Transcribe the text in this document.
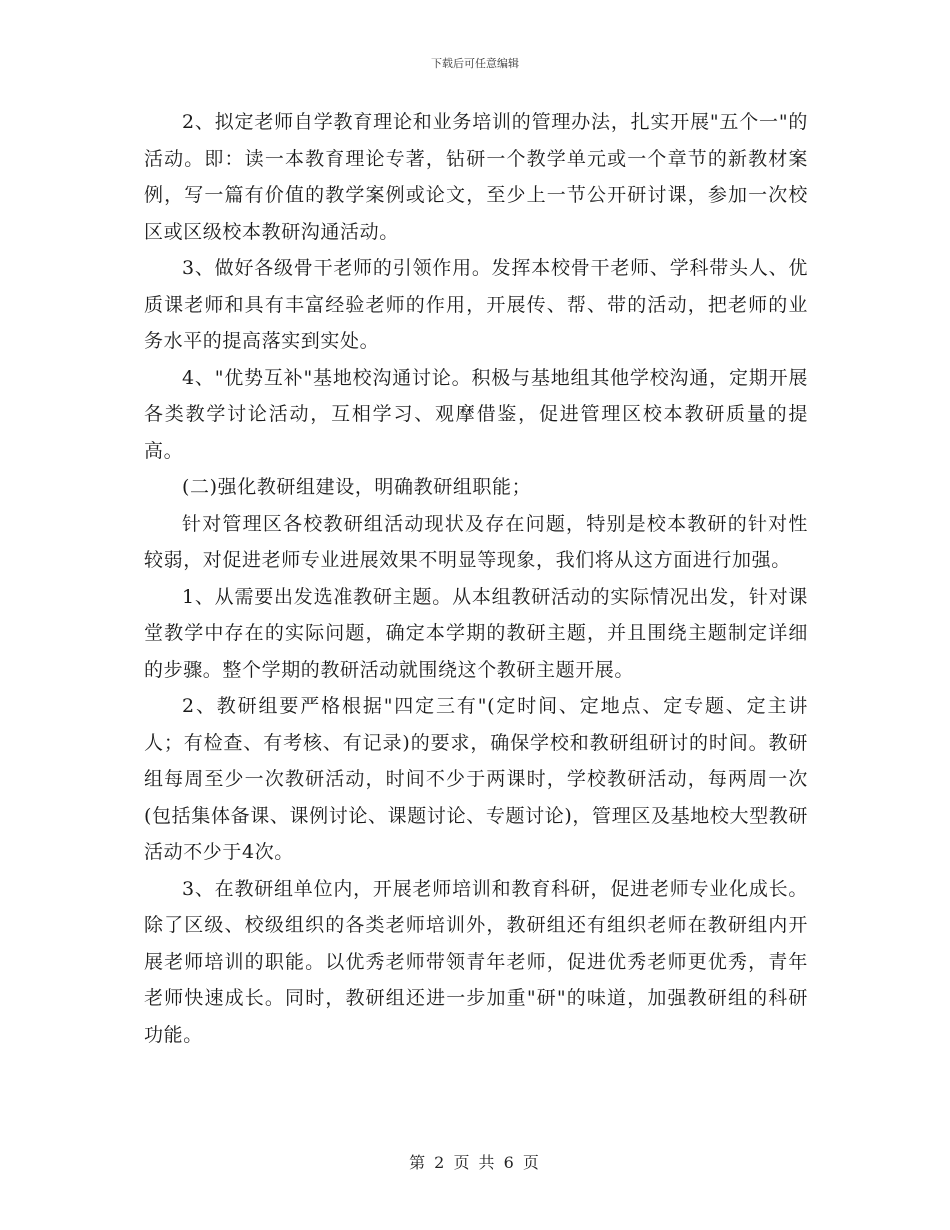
下载后可任意编辑

2、拟定老师自学教育理论和业务培训的管理办法，扎实开展"五个一"的活动。即：读一本教育理论专著，钻研一个教学单元或一个章节的新教材案例，写一篇有价值的教学案例或论文，至少上一节公开研讨课，参加一次校区或区级校本教研沟通活动。

3、做好各级骨干老师的引领作用。发挥本校骨干老师、学科带头人、优质课老师和具有丰富经验老师的作用，开展传、帮、带的活动，把老师的业务水平的提高落实到实处。

4、"优势互补"基地校沟通讨论。积极与基地组其他学校沟通，定期开展各类教学讨论活动，互相学习、观摩借鉴，促进管理区校本教研质量的提高。

(二)强化教研组建设，明确教研组职能；

针对管理区各校教研组活动现状及存在问题，特别是校本教研的针对性较弱，对促进老师专业进展效果不明显等现象，我们将从这方面进行加强。

1、从需要出发选准教研主题。从本组教研活动的实际情况出发，针对课堂教学中存在的实际问题，确定本学期的教研主题，并且围绕主题制定详细的步骤。整个学期的教研活动就围绕这个教研主题开展。

2、教研组要严格根据"四定三有"(定时间、定地点、定专题、定主讲人；有检查、有考核、有记录)的要求，确保学校和教研组研讨的时间。教研组每周至少一次教研活动，时间不少于两课时，学校教研活动，每两周一次(包括集体备课、课例讨论、课题讨论、专题讨论)，管理区及基地校大型教研活动不少于4次。

3、在教研组单位内，开展老师培训和教育科研，促进老师专业化成长。除了区级、校级组织的各类老师培训外，教研组还有组织老师在教研组内开展老师培训的职能。以优秀老师带领青年老师，促进优秀老师更优秀，青年老师快速成长。同时，教研组还进一步加重"研"的味道，加强教研组的科研功能。

第 2 页 共 6 页
